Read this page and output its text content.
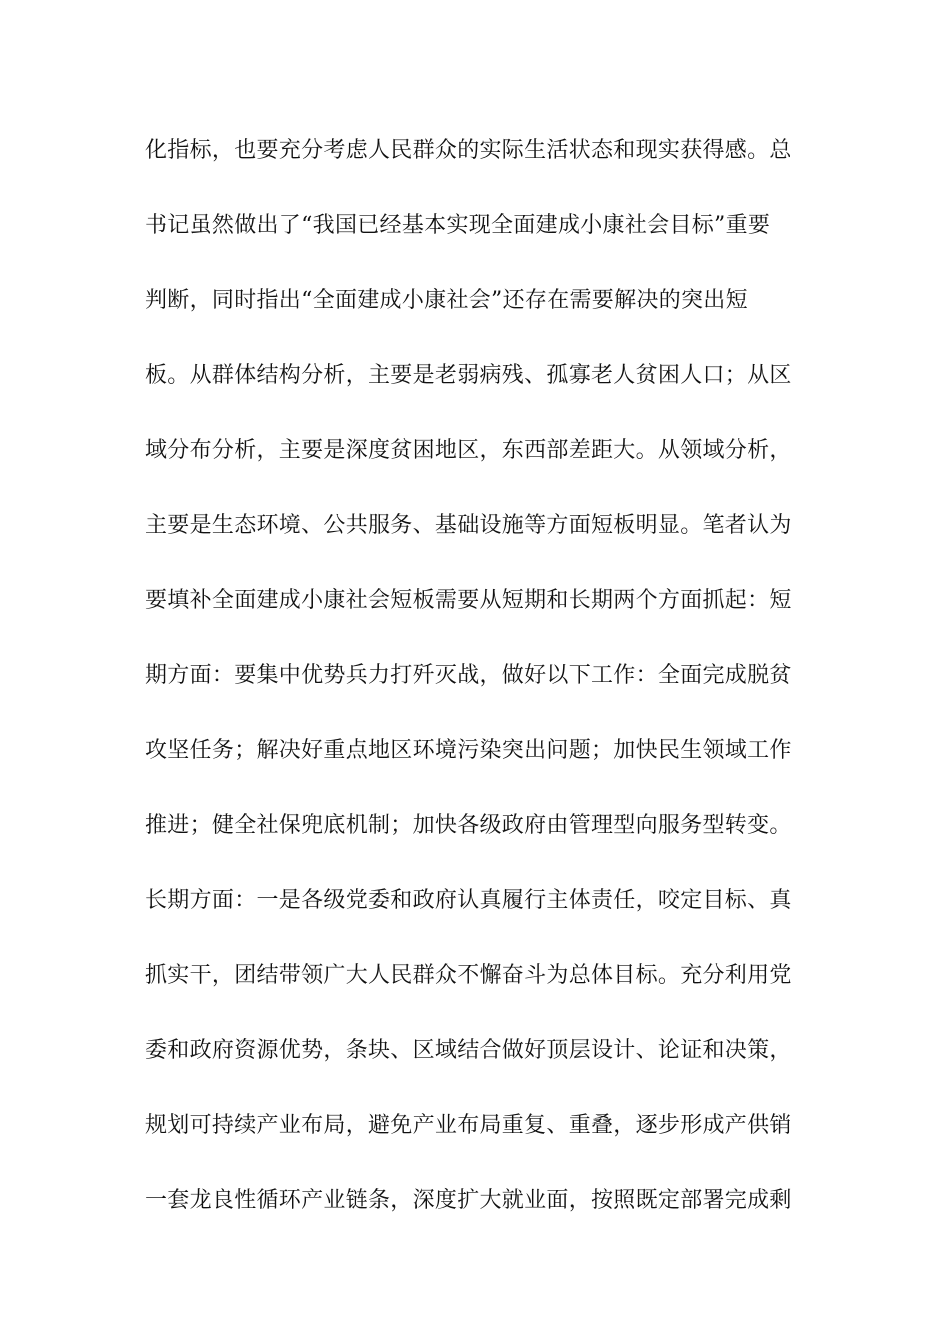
化指标，也要充分考虑人民群众的实际生活状态和现实获得感。总
书记虽然做出了“我国已经基本实现全面建成小康社会目标”重要
判断，同时指出“全面建成小康社会”还存在需要解决的突出短
板。从群体结构分析，主要是老弱病残、孤寡老人贫困人口；从区
域分布分析，主要是深度贫困地区，东西部差距大。从领域分析，
主要是生态环境、公共服务、基础设施等方面短板明显。笔者认为
要填补全面建成小康社会短板需要从短期和长期两个方面抓起：短
期方面：要集中优势兵力打歼灭战，做好以下工作：全面完成脱贫
攻坚任务；解决好重点地区环境污染突出问题；加快民生领域工作
推进；健全社保兜底机制；加快各级政府由管理型向服务型转变。
长期方面：一是各级党委和政府认真履行主体责任，咬定目标、真
抓实干，团结带领广大人民群众不懈奋斗为总体目标。充分利用党
委和政府资源优势，条块、区域结合做好顶层设计、论证和决策，
规划可持续产业布局，避免产业布局重复、重叠，逐步形成产供销
一套龙良性循环产业链条，深度扩大就业面，按照既定部署完成剩
